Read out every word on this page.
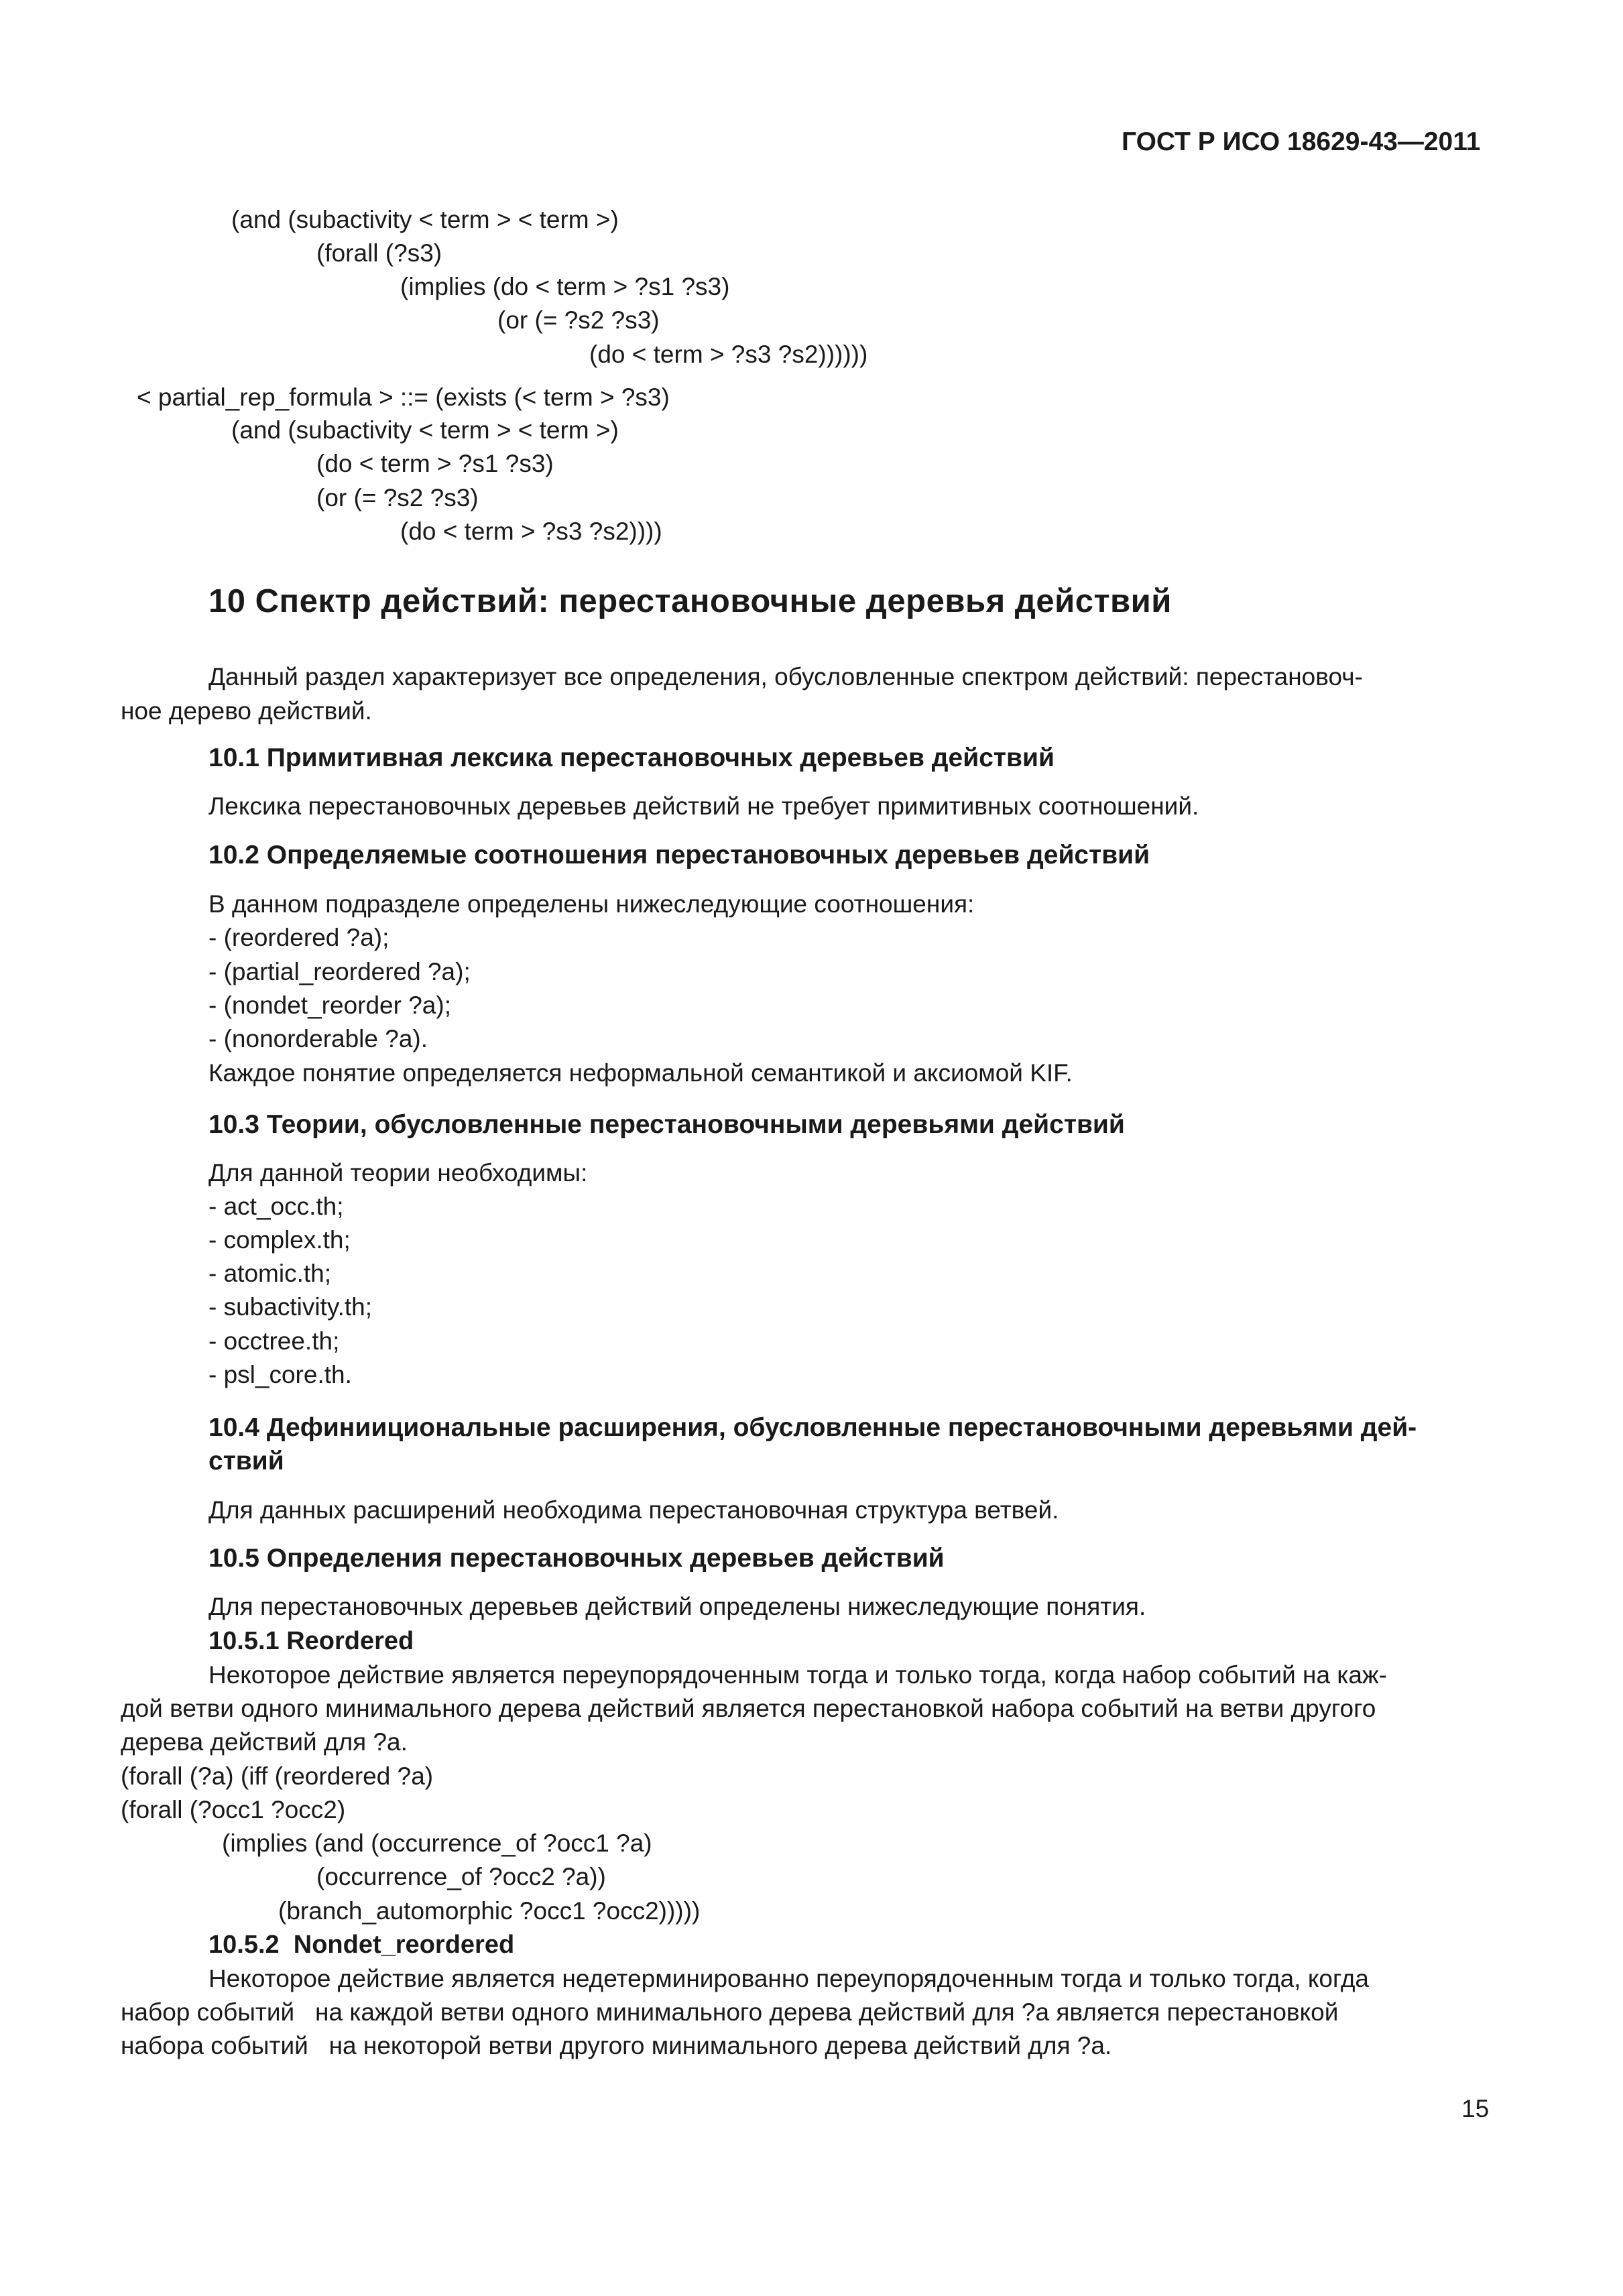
ГОСТ Р ИСО 18629-43—2011
(and (subactivity < term > < term >)
(forall (?s3)
(implies (do < term > ?s1 ?s3)
(or (= ?s2 ?s3)
(do < term > ?s3 ?s2))))))
< partial_rep_formula > ::= (exists (< term > ?s3)
(and (subactivity < term > < term >)
(do < term > ?s1 ?s3)
(or (= ?s2 ?s3)
(do < term > ?s3 ?s2))))
10 Спектр действий: перестановочные деревья действий
Данный раздел характеризует все определения, обусловленные спектром действий: перестановоч-
ное дерево действий.
10.1 Примитивная лексика перестановочных деревьев действий
Лексика перестановочных деревьев действий не требует примитивных соотношений.
10.2 Определяемые соотношения перестановочных деревьев действий
В данном подразделе определены нижеследующие соотношения:
- (reordered ?a);
- (partial_reordered ?a);
- (nondet_reorder ?a);
- (nonorderable ?a).
Каждое понятие определяется неформальной семантикой и аксиомой KIF.
10.3 Теории, обусловленные перестановочными деревьями действий
Для данной теории необходимы:
- act_occ.th;
- complex.th;
- atomic.th;
- subactivity.th;
- occtree.th;
- psl_core.th.
10.4 Дефиниициональные расширения, обусловленные перестановочными деревьями дей-
ствий
Для данных расширений необходима перестановочная структура ветвей.
10.5 Определения перестановочных деревьев действий
Для перестановочных деревьев действий определены нижеследующие понятия.
10.5.1 Reordered
Некоторое действие является переупорядоченным тогда и только тогда, когда набор событий на каж-
дой ветви одного минимального дерева действий является перестановкой набора событий на ветви другого
дерева действий для ?a.
(forall (?a) (iff (reordered ?a)
(forall (?occ1 ?occ2)
(implies (and (occurrence_of ?occ1 ?a)
(occurrence_of ?occ2 ?a))
(branch_automorphic ?occ1 ?occ2)))))
10.5.2  Nondet_reordered
Некоторое действие является недетерминированно переупорядоченным тогда и только тогда, когда
набор событий   на каждой ветви одного минимального дерева действий для ?a является перестановкой
набора событий   на некоторой ветви другого минимального дерева действий для ?a.
15
